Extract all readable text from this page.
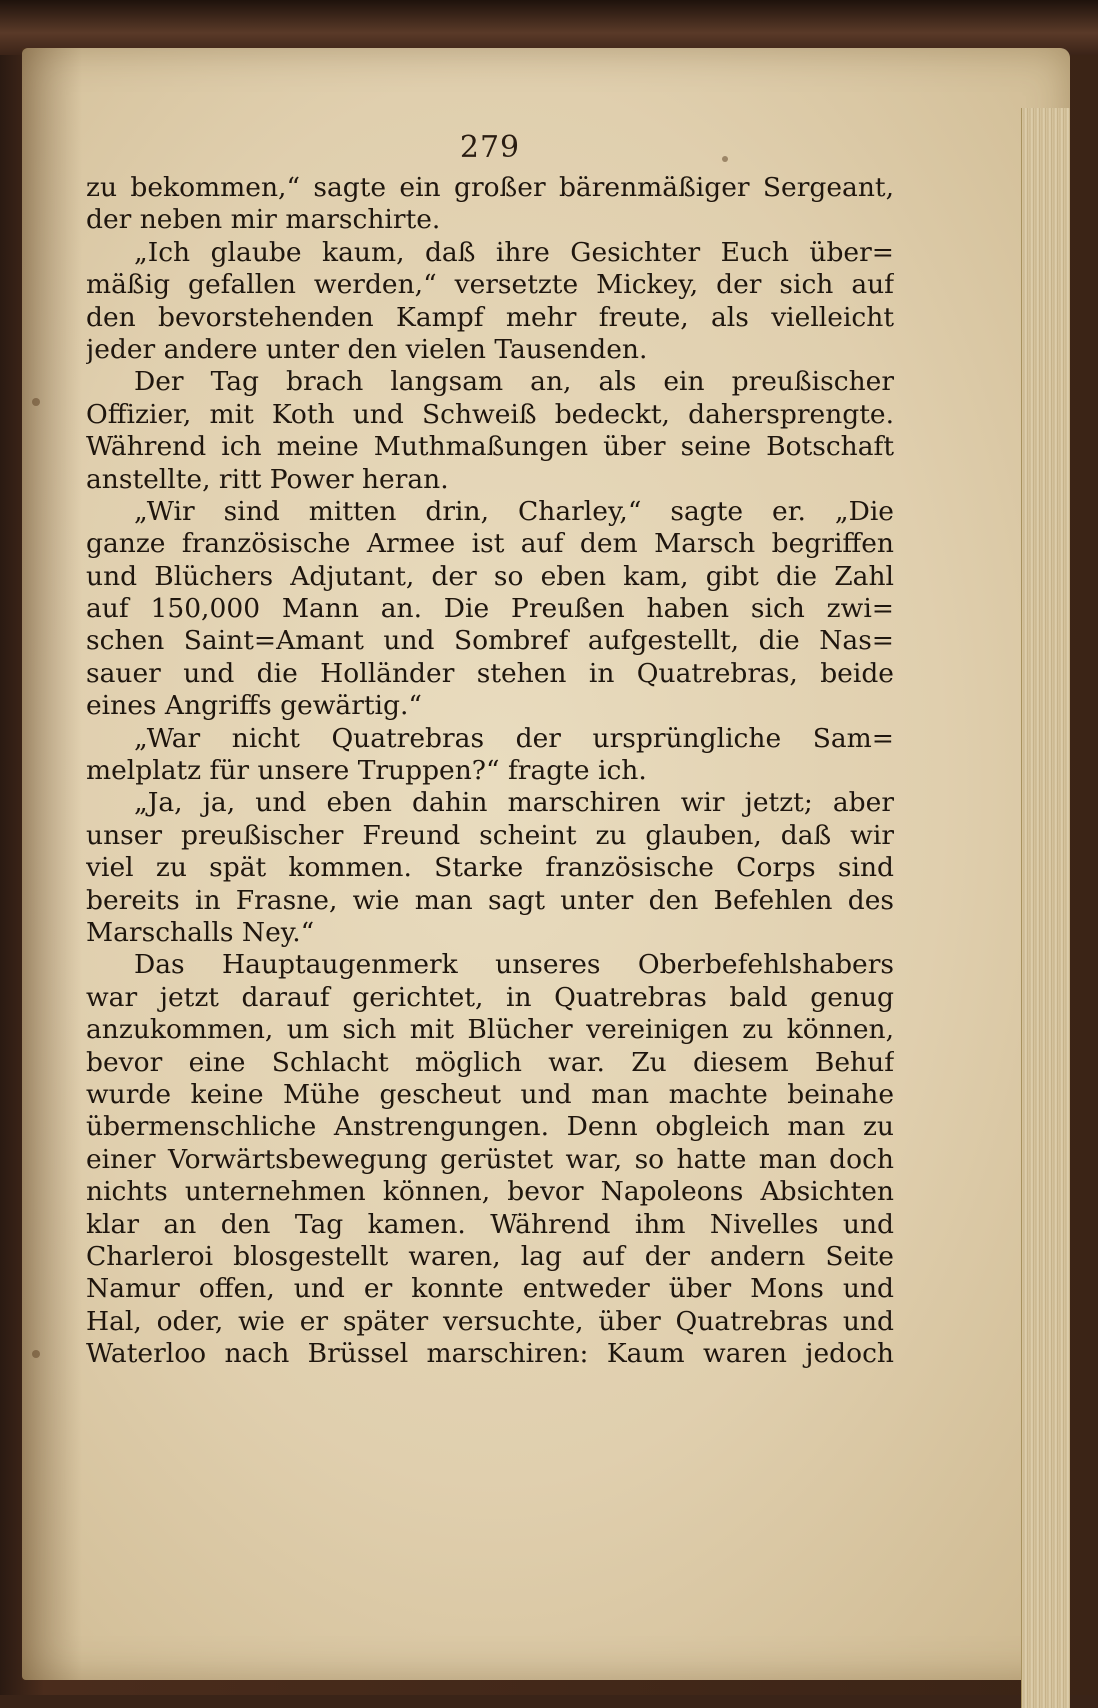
279
zu bekommen,“ sagte ein großer bärenmäßiger Sergeant,
der neben mir marschirte.
„Ich glaube kaum, daß ihre Gesichter Euch über=
mäßig gefallen werden,“ versetzte Mickey, der sich auf
den bevorstehenden Kampf mehr freute, als vielleicht
jeder andere unter den vielen Tausenden.
Der Tag brach langsam an, als ein preußischer
Offizier, mit Koth und Schweiß bedeckt, dahersprengte.
Während ich meine Muthmaßungen über seine Botschaft
anstellte, ritt Power heran.
„Wir sind mitten drin, Charley,“ sagte er. „Die
ganze französische Armee ist auf dem Marsch begriffen
und Blüchers Adjutant, der so eben kam, gibt die Zahl
auf 150,000 Mann an. Die Preußen haben sich zwi=
schen Saint=Amant und Sombref aufgestellt, die Nas=
sauer und die Holländer stehen in Quatrebras, beide
eines Angriffs gewärtig.“
„War nicht Quatrebras der ursprüngliche Sam=
melplatz für unsere Truppen?“ fragte ich.
„Ja, ja, und eben dahin marschiren wir jetzt; aber
unser preußischer Freund scheint zu glauben, daß wir
viel zu spät kommen. Starke französische Corps sind
bereits in Frasne, wie man sagt unter den Befehlen des
Marschalls Ney.“
Das Hauptaugenmerk unseres Oberbefehlshabers
war jetzt darauf gerichtet, in Quatrebras bald genug
anzukommen, um sich mit Blücher vereinigen zu können,
bevor eine Schlacht möglich war. Zu diesem Behuf
wurde keine Mühe gescheut und man machte beinahe
übermenschliche Anstrengungen. Denn obgleich man zu
einer Vorwärtsbewegung gerüstet war, so hatte man doch
nichts unternehmen können, bevor Napoleons Absichten
klar an den Tag kamen. Während ihm Nivelles und
Charleroi blosgestellt waren, lag auf der andern Seite
Namur offen, und er konnte entweder über Mons und
Hal, oder, wie er später versuchte, über Quatrebras und
Waterloo nach Brüssel marschiren: Kaum waren jedoch
